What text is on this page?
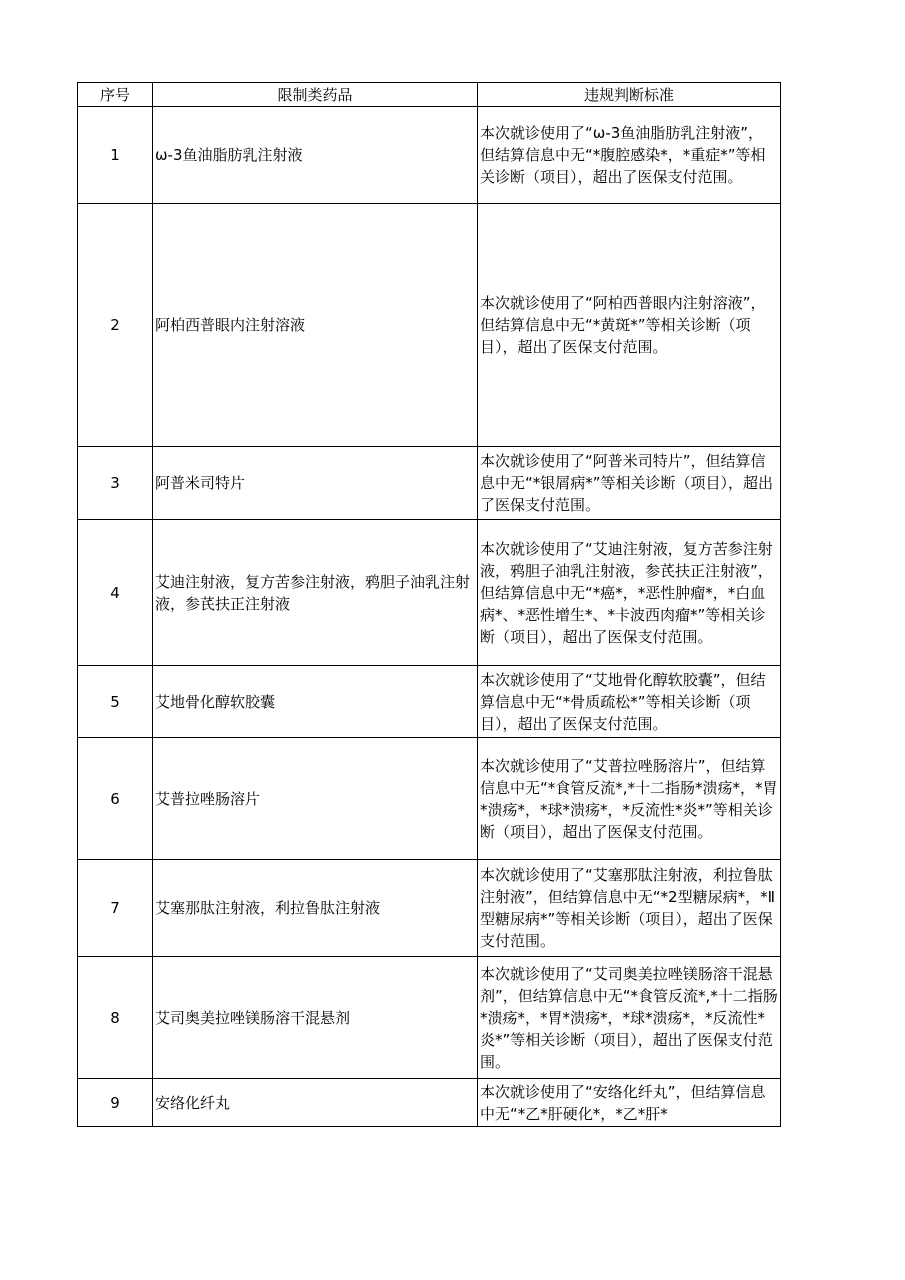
序号	限制类药品	违规判断标准
1	ω-3鱼油脂肪乳注射液	本次就诊使用了“ω-3鱼油脂肪乳注射液”，但结算信息中无“*腹腔感染*，*重症*”等相关诊断（项目），超出了医保支付范围。
2	阿柏西普眼内注射溶液	本次就诊使用了“阿柏西普眼内注射溶液”，但结算信息中无“*黄斑*”等相关诊断（项目），超出了医保支付范围。
3	阿普米司特片	本次就诊使用了“阿普米司特片”，但结算信息中无“*银屑病*”等相关诊断（项目），超出了医保支付范围。
4	艾迪注射液，复方苦参注射液，鸦胆子油乳注射液，参芪扶正注射液	本次就诊使用了“艾迪注射液，复方苦参注射液，鸦胆子油乳注射液，参芪扶正注射液”，但结算信息中无“*癌*，*恶性肿瘤*，*白血病*、*恶性增生*、*卡波西肉瘤*”等相关诊断（项目），超出了医保支付范围。
5	艾地骨化醇软胶囊	本次就诊使用了“艾地骨化醇软胶囊”，但结算信息中无“*骨质疏松*”等相关诊断（项目），超出了医保支付范围。
6	艾普拉唑肠溶片	本次就诊使用了“艾普拉唑肠溶片”，但结算信息中无“*食管反流*,*十二指肠*溃疡*，*胃*溃疡*，*球*溃疡*，*反流性*炎*”等相关诊断（项目），超出了医保支付范围。
7	艾塞那肽注射液，利拉鲁肽注射液	本次就诊使用了“艾塞那肽注射液，利拉鲁肽注射液”，但结算信息中无“*2型糖尿病*，*Ⅱ型糖尿病*”等相关诊断（项目），超出了医保支付范围。
8	艾司奥美拉唑镁肠溶干混悬剂	本次就诊使用了“艾司奥美拉唑镁肠溶干混悬剂”，但结算信息中无“*食管反流*,*十二指肠*溃疡*，*胃*溃疡*，*球*溃疡*，*反流性*炎*”等相关诊断（项目），超出了医保支付范围。
9	安络化纤丸	本次就诊使用了“安络化纤丸”，但结算信息中无“*乙*肝硬化*，*乙*肝*
